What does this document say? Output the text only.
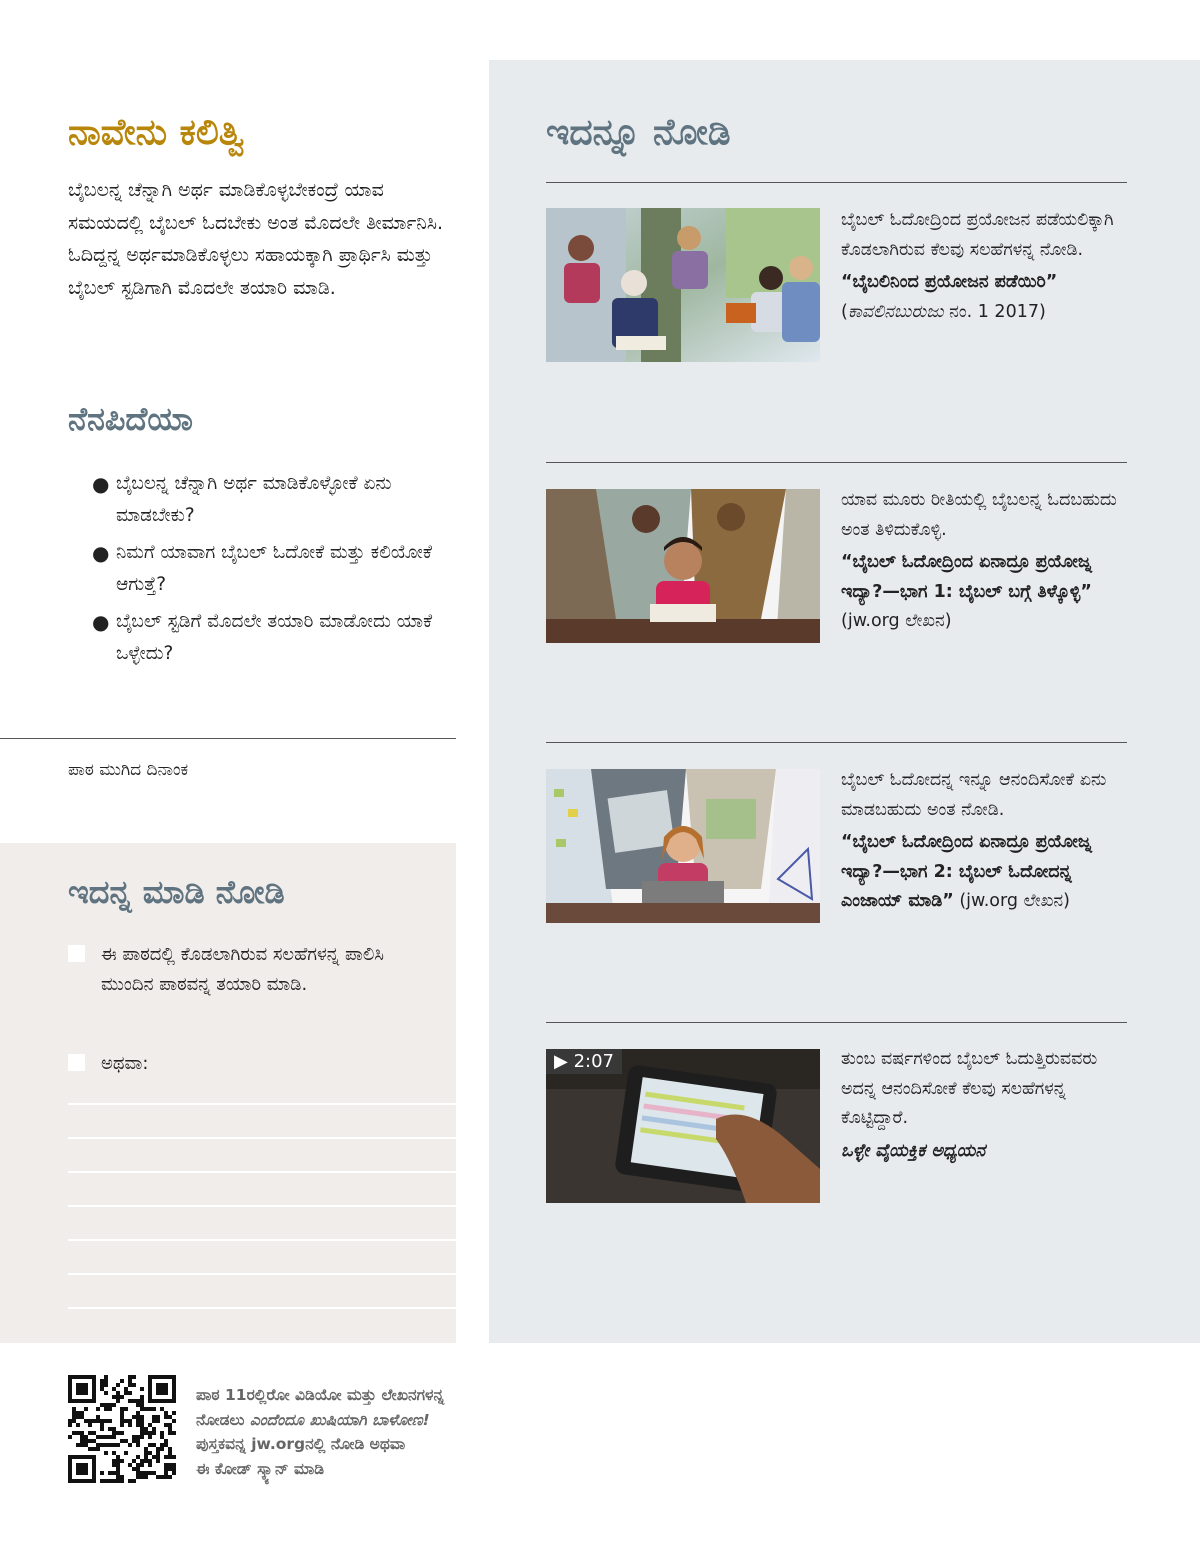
ನಾವೇನು ಕಲಿತ್ವಿ
ಬೈಬಲನ್ನ ಚೆನ್ನಾಗಿ ಅರ್ಥ ಮಾಡಿಕೊಳ್ಳಬೇಕಂದ್ರೆ ಯಾವ ಸಮಯದಲ್ಲಿ ಬೈಬಲ್ ಓದಬೇಕು ಅಂತ ಮೊದಲೇ ತೀರ್ಮಾನಿಸಿ. ಓದಿದ್ದನ್ನ ಅರ್ಥಮಾಡಿಕೊಳ್ಳಲು ಸಹಾಯಕ್ಕಾಗಿ ಪ್ರಾರ್ಥಿಸಿ ಮತ್ತು ಬೈಬಲ್ ಸ್ಟಡಿಗಾಗಿ ಮೊದಲೇ ತಯಾರಿ ಮಾಡಿ.
ನೆನಪಿದೆಯಾ
● ಬೈಬಲನ್ನ ಚೆನ್ನಾಗಿ ಅರ್ಥ ಮಾಡಿಕೊಳ್ಳೋಕೆ ಏನು ಮಾಡಬೇಕು?
● ನಿಮಗೆ ಯಾವಾಗ ಬೈಬಲ್ ಓದೋಕೆ ಮತ್ತು ಕಲಿಯೋಕೆ ಆಗುತ್ತೆ?
● ಬೈಬಲ್ ಸ್ಟಡಿಗೆ ಮೊದಲೇ ತಯಾರಿ ಮಾಡೋದು ಯಾಕೆ ಒಳ್ಳೇದು?
ಪಾಠ ಮುಗಿದ ದಿನಾಂಕ
ಇದನ್ನ ಮಾಡಿ ನೋಡಿ
ಈ ಪಾಠದಲ್ಲಿ ಕೊಡಲಾಗಿರುವ ಸಲಹೆಗಳನ್ನ ಪಾಲಿಸಿ ಮುಂದಿನ ಪಾಠವನ್ನ ತಯಾರಿ ಮಾಡಿ.
ಅಥವಾ:
ಇದನ್ನೂ ನೋಡಿ
ಬೈಬಲ್ ಓದೋದ್ರಿಂದ ಪ್ರಯೋಜನ ಪಡೆಯಲಿಕ್ಕಾಗಿ ಕೊಡಲಾಗಿರುವ ಕೆಲವು ಸಲಹೆಗಳನ್ನ ನೋಡಿ.
“ಬೈಬಲಿನಿಂದ ಪ್ರಯೋಜನ ಪಡೆಯಿರಿ”
(ಕಾವಲಿನಬುರುಜು ನಂ. 1 2017)
ಯಾವ ಮೂರು ರೀತಿಯಲ್ಲಿ ಬೈಬಲನ್ನ ಓದಬಹುದು ಅಂತ ತಿಳಿದುಕೊಳ್ಳಿ.
“ಬೈಬಲ್ ಓದೋದ್ರಿಂದ ಏನಾದ್ರೂ ಪ್ರಯೋಜ್ನ ಇದ್ಯಾ?—ಭಾಗ 1: ಬೈಬಲ್ ಬಗ್ಗೆ ತಿಳ್ಕೊಳ್ಳಿ” (jw.org ಲೇಖನ)
ಬೈಬಲ್ ಓದೋದನ್ನ ಇನ್ನೂ ಆನಂದಿಸೋಕೆ ಏನು ಮಾಡಬಹುದು ಅಂತ ನೋಡಿ.
“ಬೈಬಲ್ ಓದೋದ್ರಿಂದ ಏನಾದ್ರೂ ಪ್ರಯೋಜ್ನ ಇದ್ಯಾ?—ಭಾಗ 2: ಬೈಬಲ್ ಓದೋದನ್ನ ಎಂಜಾಯ್ ಮಾಡಿ” (jw.org ಲೇಖನ)
▶ 2:07	ತುಂಬ ವರ್ಷಗಳಿಂದ ಬೈಬಲ್ ಓದುತ್ತಿರುವವರು ಅದನ್ನ ಆನಂದಿಸೋಕೆ ಕೆಲವು ಸಲಹೆಗಳನ್ನ ಕೊಟ್ಟಿದ್ದಾರೆ.
ಒಳ್ಳೇ ವೈಯಕ್ತಿಕ ಅಧ್ಯಯನ
ಪಾಠ 11ರಲ್ಲಿರೋ ವಿಡಿಯೋ ಮತ್ತು ಲೇಖನಗಳನ್ನ
ನೋಡಲು ಎಂದೆಂದೂ ಖುಷಿಯಾಗಿ ಬಾಳೋಣ!
ಪುಸ್ತಕವನ್ನ jw.orgನಲ್ಲಿ ನೋಡಿ ಅಥವಾ
ಈ ಕೋಡ್ ಸ್ಕ್ಯಾನ್ ಮಾಡಿ
